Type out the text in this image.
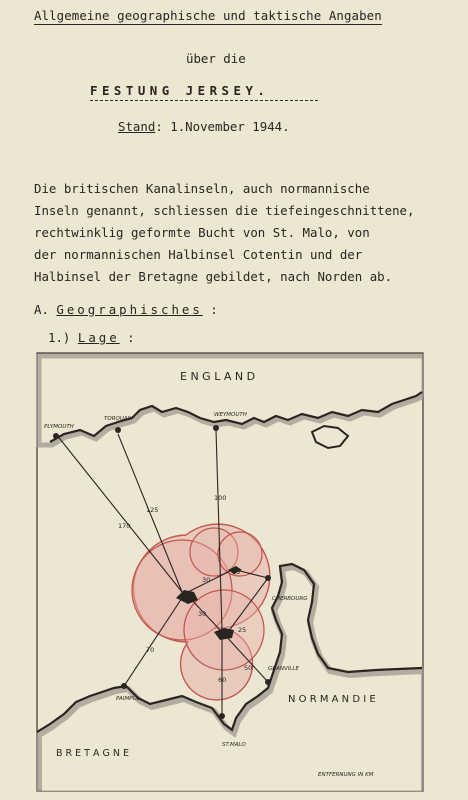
Allgemeine geographische und taktische Angaben
über die
FESTUNG JERSEY.
Stand: 1.November 1944.
Die britischen Kanalinseln, auch normannische
Inseln genannt, schliessen die tiefeingeschnittene,
rechtwinklig geformte Bucht von St. Malo, von
der normannischen Halbinsel Cotentin und der
Halbinsel der Bretagne gebildet, nach Norden ab.
A. Geographisches :
1.) Lage :
E N G L A N D
N O R M A N D I E
B R E T A G N E
PLYMOUTH
TORQUAY
WEYMOUTH
CHERBOURG
GRANVILLE
PAIMPOL
ST.MALO
170
125
100
30
15
30
25
50
60
70
ENTFERNUNG IN KM
